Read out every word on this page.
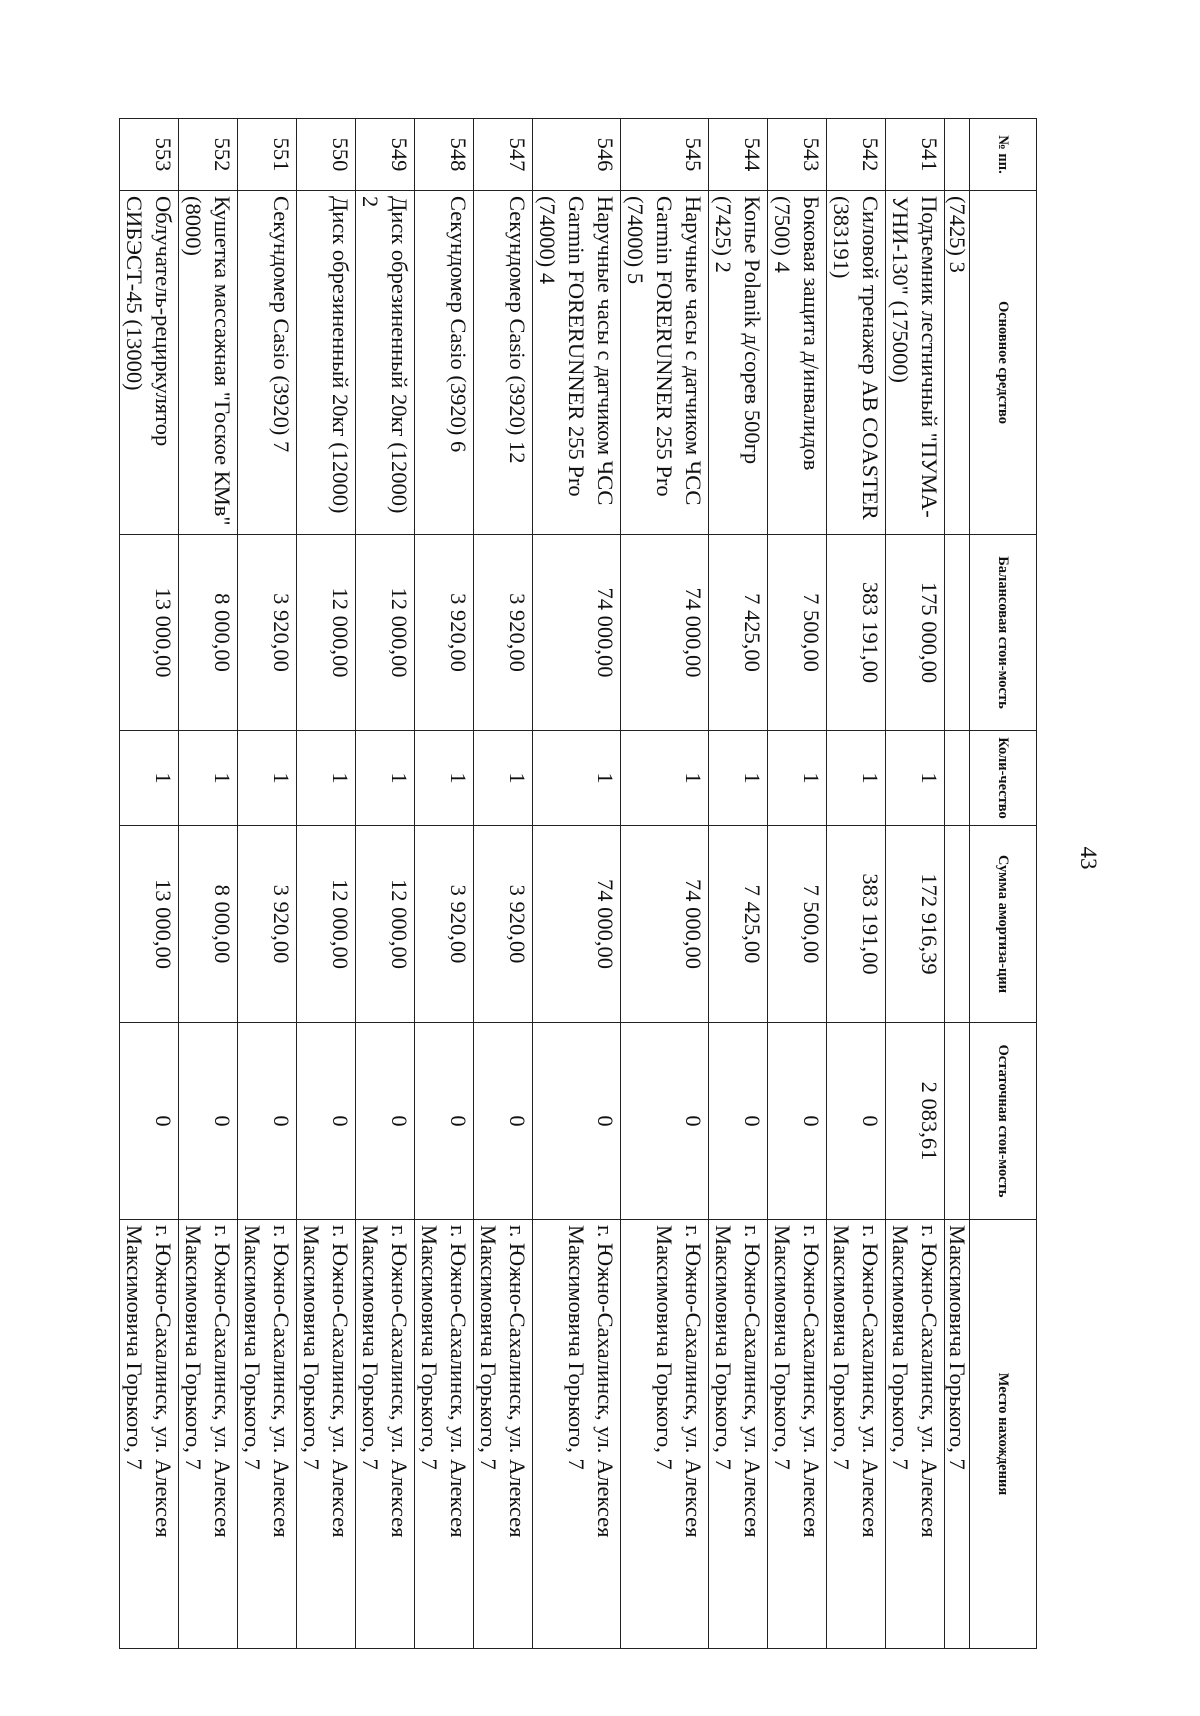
43
№ пп.	Основное средство	Балансовая стои-мость	Коли-чество	Сумма амортиза-ции	Остаточная стои-мость	Место нахождения
	(7425) 3					Максимовича Горького, 7
541	Подъемник лестничный "ПУМА-УНИ-130" (175000)	175 000,00	1	172 916,39	2 083,61	г. Южно-Сахалинск, ул. Алексея Максимовича Горького, 7
542	Силовой тренажер AB COASTER (383191)	383 191,00	1	383 191,00	0	г. Южно-Сахалинск, ул. Алексея Максимовича Горького, 7
543	Боковая защита д/инвалидов (7500) 4	7 500,00	1	7 500,00	0	г. Южно-Сахалинск, ул. Алексея Максимовича Горького, 7
544	Копье Polanik д/сорев 500гр (7425) 2	7 425,00	1	7 425,00	0	г. Южно-Сахалинск, ул. Алексея Максимовича Горького, 7
545	Наручные часы с датчиком ЧСС Garmin FORERUNNER 255 Pro (74000) 5	74 000,00	1	74 000,00	0	г. Южно-Сахалинск, ул. Алексея Максимовича Горького, 7
546	Наручные часы с датчиком ЧСС Garmin FORERUNNER 255 Pro (74000) 4	74 000,00	1	74 000,00	0	г. Южно-Сахалинск, ул. Алексея Максимовича Горького, 7
547	Секундомер Casio (3920) 12	3 920,00	1	3 920,00	0	г. Южно-Сахалинск, ул. Алексея Максимовича Горького, 7
548	Секундомер Casio (3920) 6	3 920,00	1	3 920,00	0	г. Южно-Сахалинск, ул. Алексея Максимовича Горького, 7
549	Диск обрезиненный 20кг (12000) 2	12 000,00	1	12 000,00	0	г. Южно-Сахалинск, ул. Алексея Максимовича Горького, 7
550	Диск обрезиненный 20кг (12000)	12 000,00	1	12 000,00	0	г. Южно-Сахалинск, ул. Алексея Максимовича Горького, 7
551	Секундомер Casio (3920) 7	3 920,00	1	3 920,00	0	г. Южно-Сахалинск, ул. Алексея Максимовича Горького, 7
552	Кушетка массажная "Гоское КМв" (8000)	8 000,00	1	8 000,00	0	г. Южно-Сахалинск, ул. Алексея Максимовича Горького, 7
553	Облучатель-рециркулятор СИБЭСТ-45 (13000)	13 000,00	1	13 000,00	0	г. Южно-Сахалинск, ул. Алексея Максимовича Горького, 7
